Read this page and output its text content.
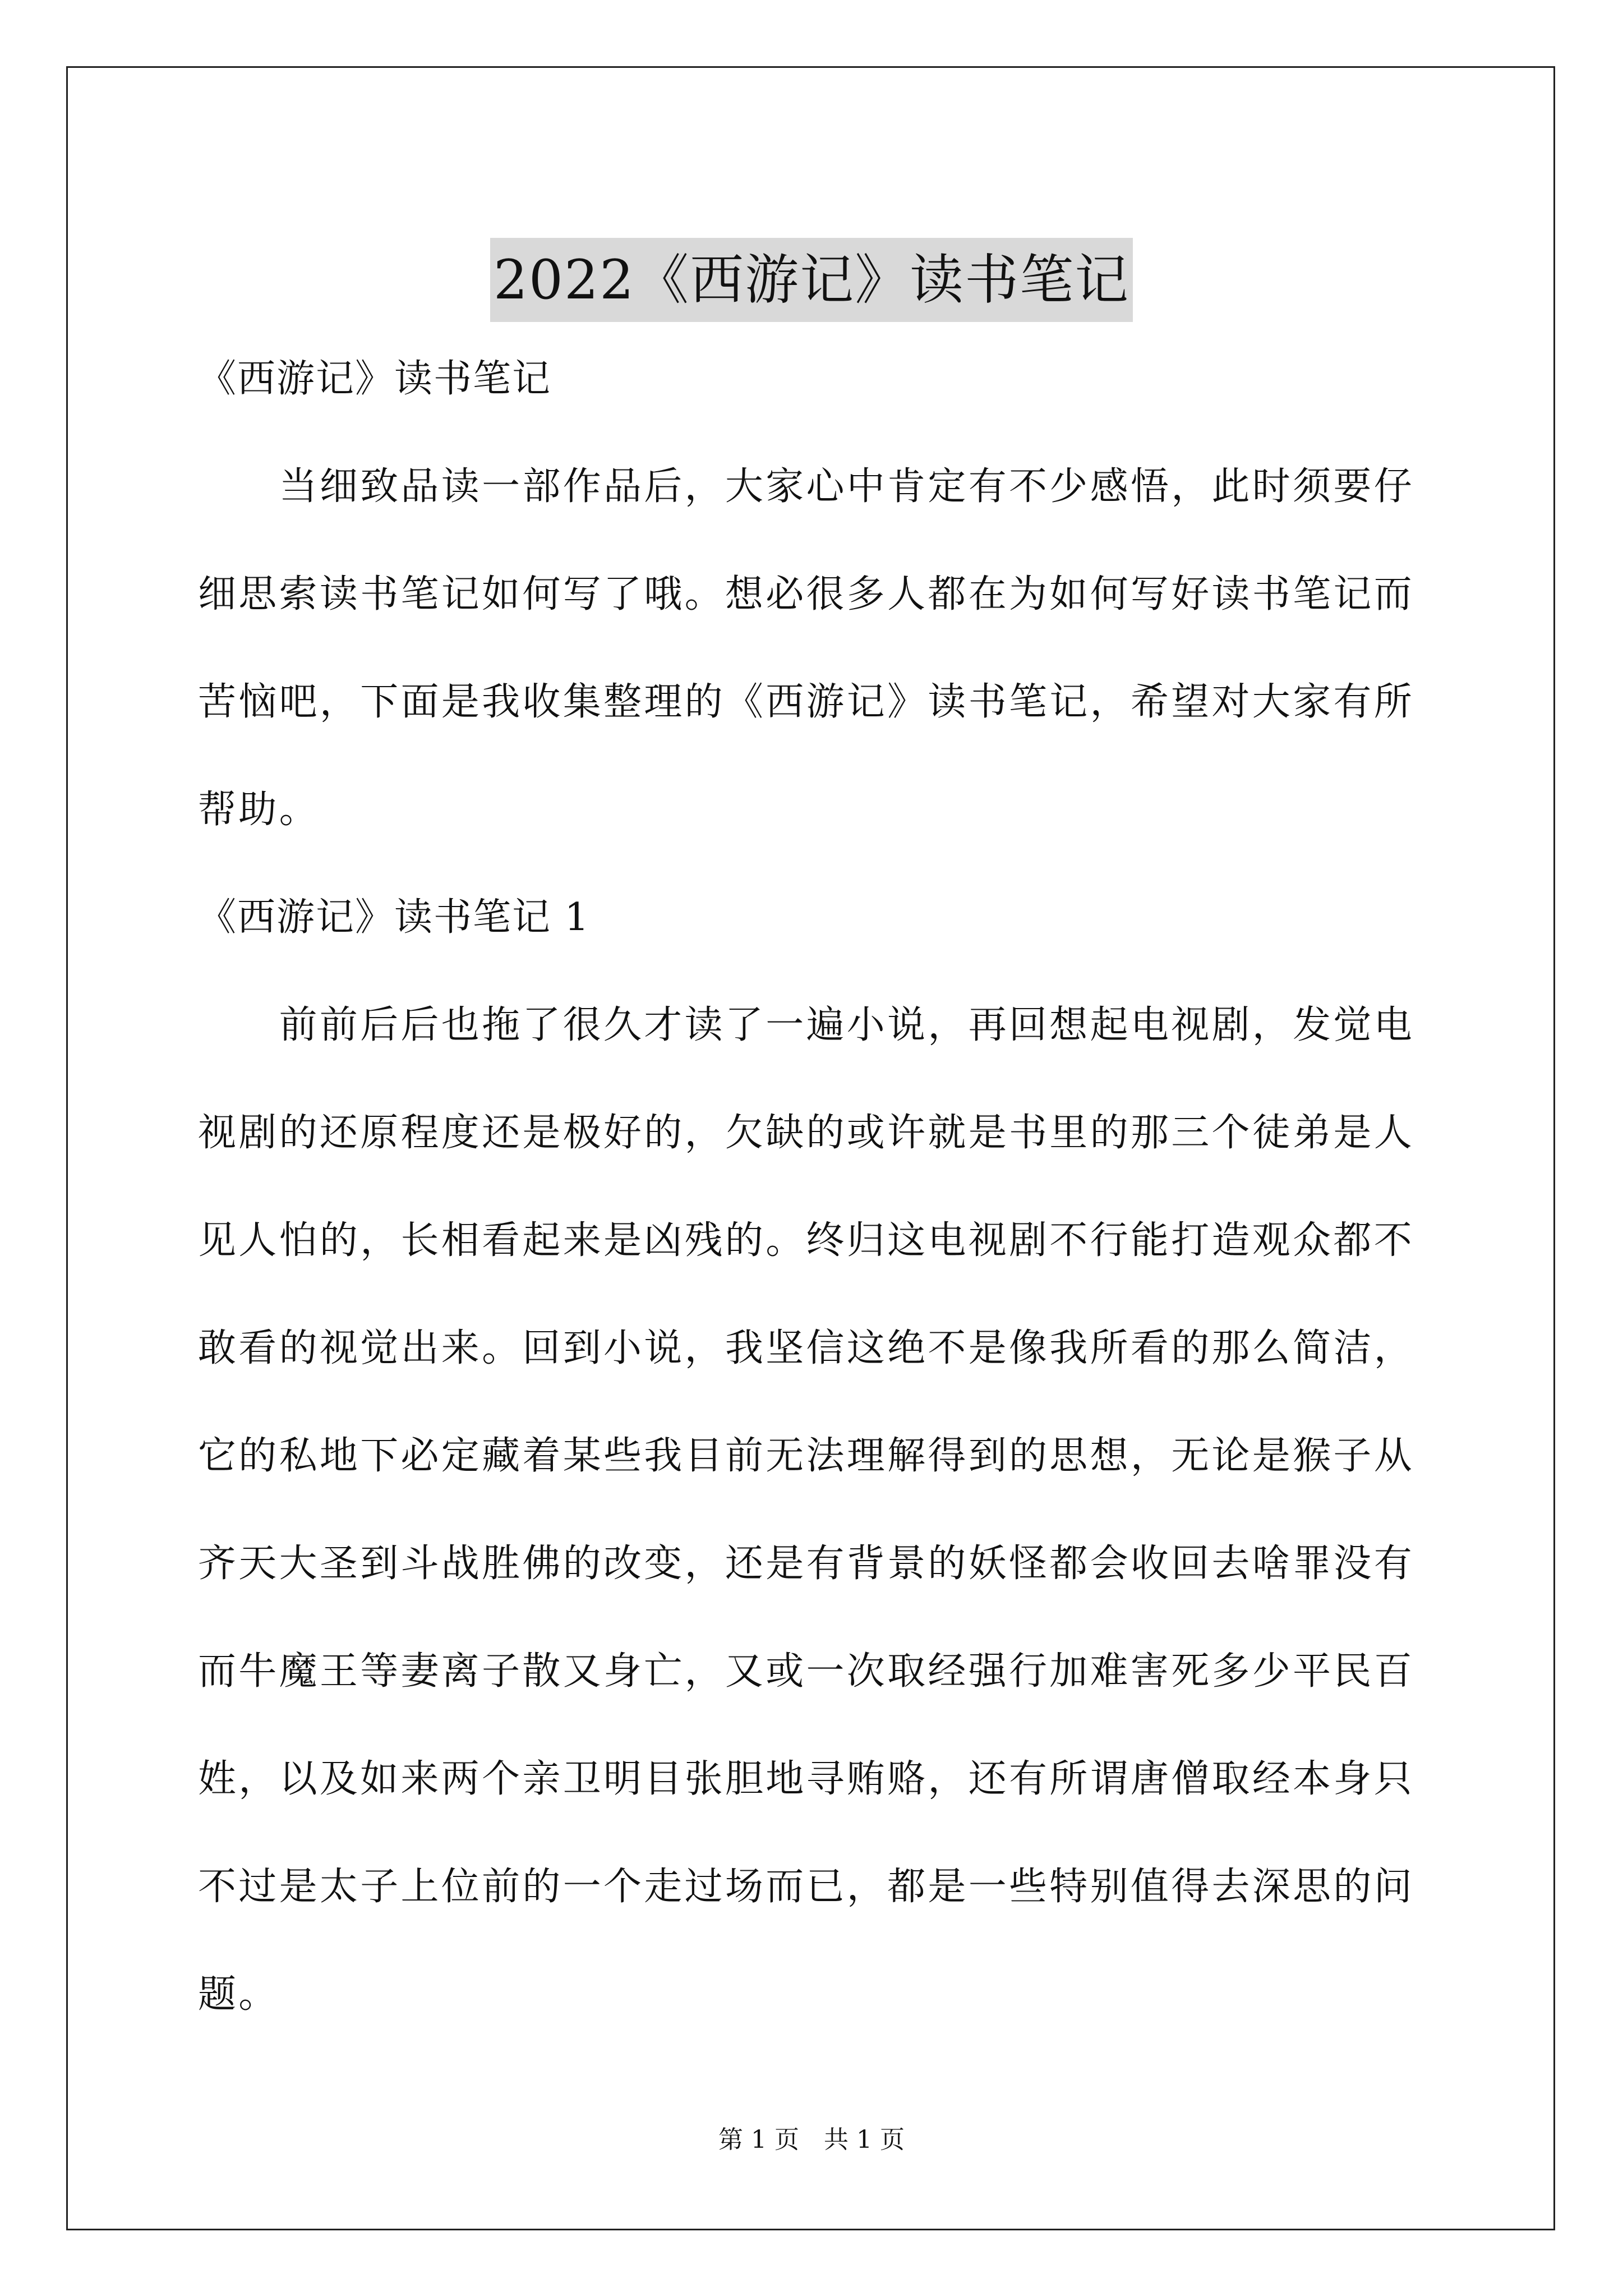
2022《西游记》读书笔记
《西游记》读书笔记
　　当细致品读一部作品后，大家心中肯定有不少感悟，此时须要仔
细思索读书笔记如何写了哦。想必很多人都在为如何写好读书笔记而
苦恼吧，下面是我收集整理的《西游记》读书笔记，希望对大家有所
帮助。
《西游记》读书笔记 1
　　前前后后也拖了很久才读了一遍小说，再回想起电视剧，发觉电
视剧的还原程度还是极好的，欠缺的或许就是书里的那三个徒弟是人
见人怕的，长相看起来是凶残的。终归这电视剧不行能打造观众都不
敢看的视觉出来。回到小说，我坚信这绝不是像我所看的那么简洁，
它的私地下必定藏着某些我目前无法理解得到的思想，无论是猴子从
齐天大圣到斗战胜佛的改变，还是有背景的妖怪都会收回去啥罪没有
而牛魔王等妻离子散又身亡，又或一次取经强行加难害死多少平民百
姓，以及如来两个亲卫明目张胆地寻贿赂，还有所谓唐僧取经本身只
不过是太子上位前的一个走过场而已，都是一些特别值得去深思的问
题。
第 1 页　共 1 页
